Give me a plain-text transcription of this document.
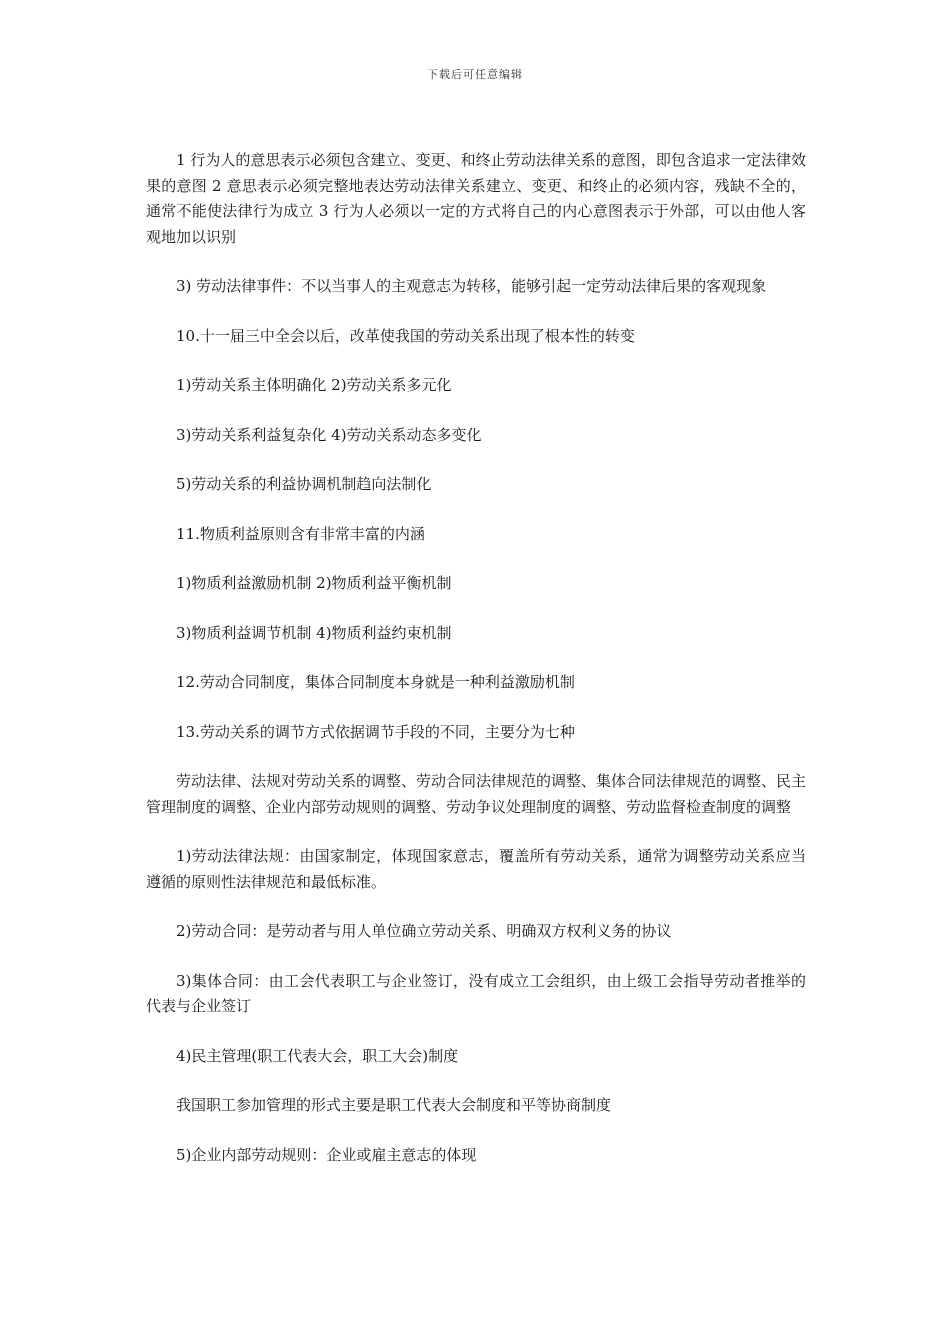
下载后可任意编辑

1 行为人的意思表示必须包含建立、变更、和终止劳动法律关系的意图，即包含追求一定法律效果的意图 2 意思表示必须完整地表达劳动法律关系建立、变更、和终止的必须内容，残缺不全的，通常不能使法律行为成立 3 行为人必须以一定的方式将自己的内心意图表示于外部，可以由他人客观地加以识别

3) 劳动法律事件：不以当事人的主观意志为转移，能够引起一定劳动法律后果的客观现象

10.十一届三中全会以后，改革使我国的劳动关系出现了根本性的转变

1)劳动关系主体明确化 2)劳动关系多元化

3)劳动关系利益复杂化 4)劳动关系动态多变化

5)劳动关系的利益协调机制趋向法制化

11.物质利益原则含有非常丰富的内涵

1)物质利益激励机制 2)物质利益平衡机制

3)物质利益调节机制 4)物质利益约束机制

12.劳动合同制度，集体合同制度本身就是一种利益激励机制

13.劳动关系的调节方式依据调节手段的不同，主要分为七种

劳动法律、法规对劳动关系的调整、劳动合同法律规范的调整、集体合同法律规范的调整、民主管理制度的调整、企业内部劳动规则的调整、劳动争议处理制度的调整、劳动监督检查制度的调整

1)劳动法律法规：由国家制定，体现国家意志，覆盖所有劳动关系，通常为调整劳动关系应当遵循的原则性法律规范和最低标准。

2)劳动合同：是劳动者与用人单位确立劳动关系、明确双方权利义务的协议

3)集体合同：由工会代表职工与企业签订，没有成立工会组织，由上级工会指导劳动者推举的代表与企业签订

4)民主管理(职工代表大会，职工大会)制度

我国职工参加管理的形式主要是职工代表大会制度和平等协商制度

5)企业内部劳动规则：企业或雇主意志的体现
